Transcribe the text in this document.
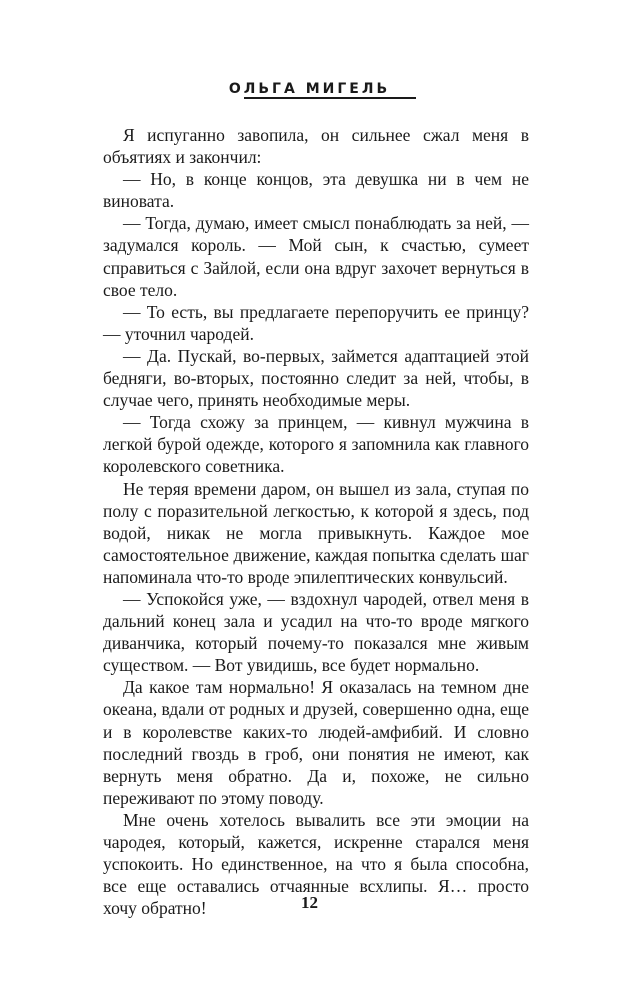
ОЛЬГА МИГЕЛЬ

Я испуганно завопила, он сильнее сжал меня в объятиях и закончил:

— Но, в конце концов, эта девушка ни в чем не виновата.

— Тогда, думаю, имеет смысл понаблюдать за ней, — задумался король. — Мой сын, к счастью, сумеет справиться с Зайлой, если она вдруг захочет вернуться в свое тело.

— То есть, вы предлагаете перепоручить ее принцу? — уточнил чародей.

— Да. Пускай, во-первых, займется адаптацией этой бедняги, во-вторых, постоянно следит за ней, чтобы, в случае чего, принять необходимые меры.

— Тогда схожу за принцем, — кивнул мужчина в легкой бурой одежде, которого я запомнила как главного королевского советника.

Не теряя времени даром, он вышел из зала, ступая по полу с поразительной легкостью, к которой я здесь, под водой, никак не могла привыкнуть. Каждое мое самостоятельное движение, каждая попытка сделать шаг напоминала что-то вроде эпилептических конвульсий.

— Успокойся уже, — вздохнул чародей, отвел меня в дальний конец зала и усадил на что-то вроде мягкого диванчика, который почему-то показался мне живым существом. — Вот увидишь, все будет нормально.

Да какое там нормально! Я оказалась на темном дне океана, вдали от родных и друзей, совершенно одна, еще и в королевстве каких-то людей-амфибий. И словно последний гвоздь в гроб, они понятия не имеют, как вернуть меня обратно. Да и, похоже, не сильно переживают по этому поводу.

Мне очень хотелось вывалить все эти эмоции на чародея, который, кажется, искренне старался меня успокоить. Но единственное, на что я была способна, все еще оставались отчаянные всхлипы. Я… просто хочу обратно!	12
